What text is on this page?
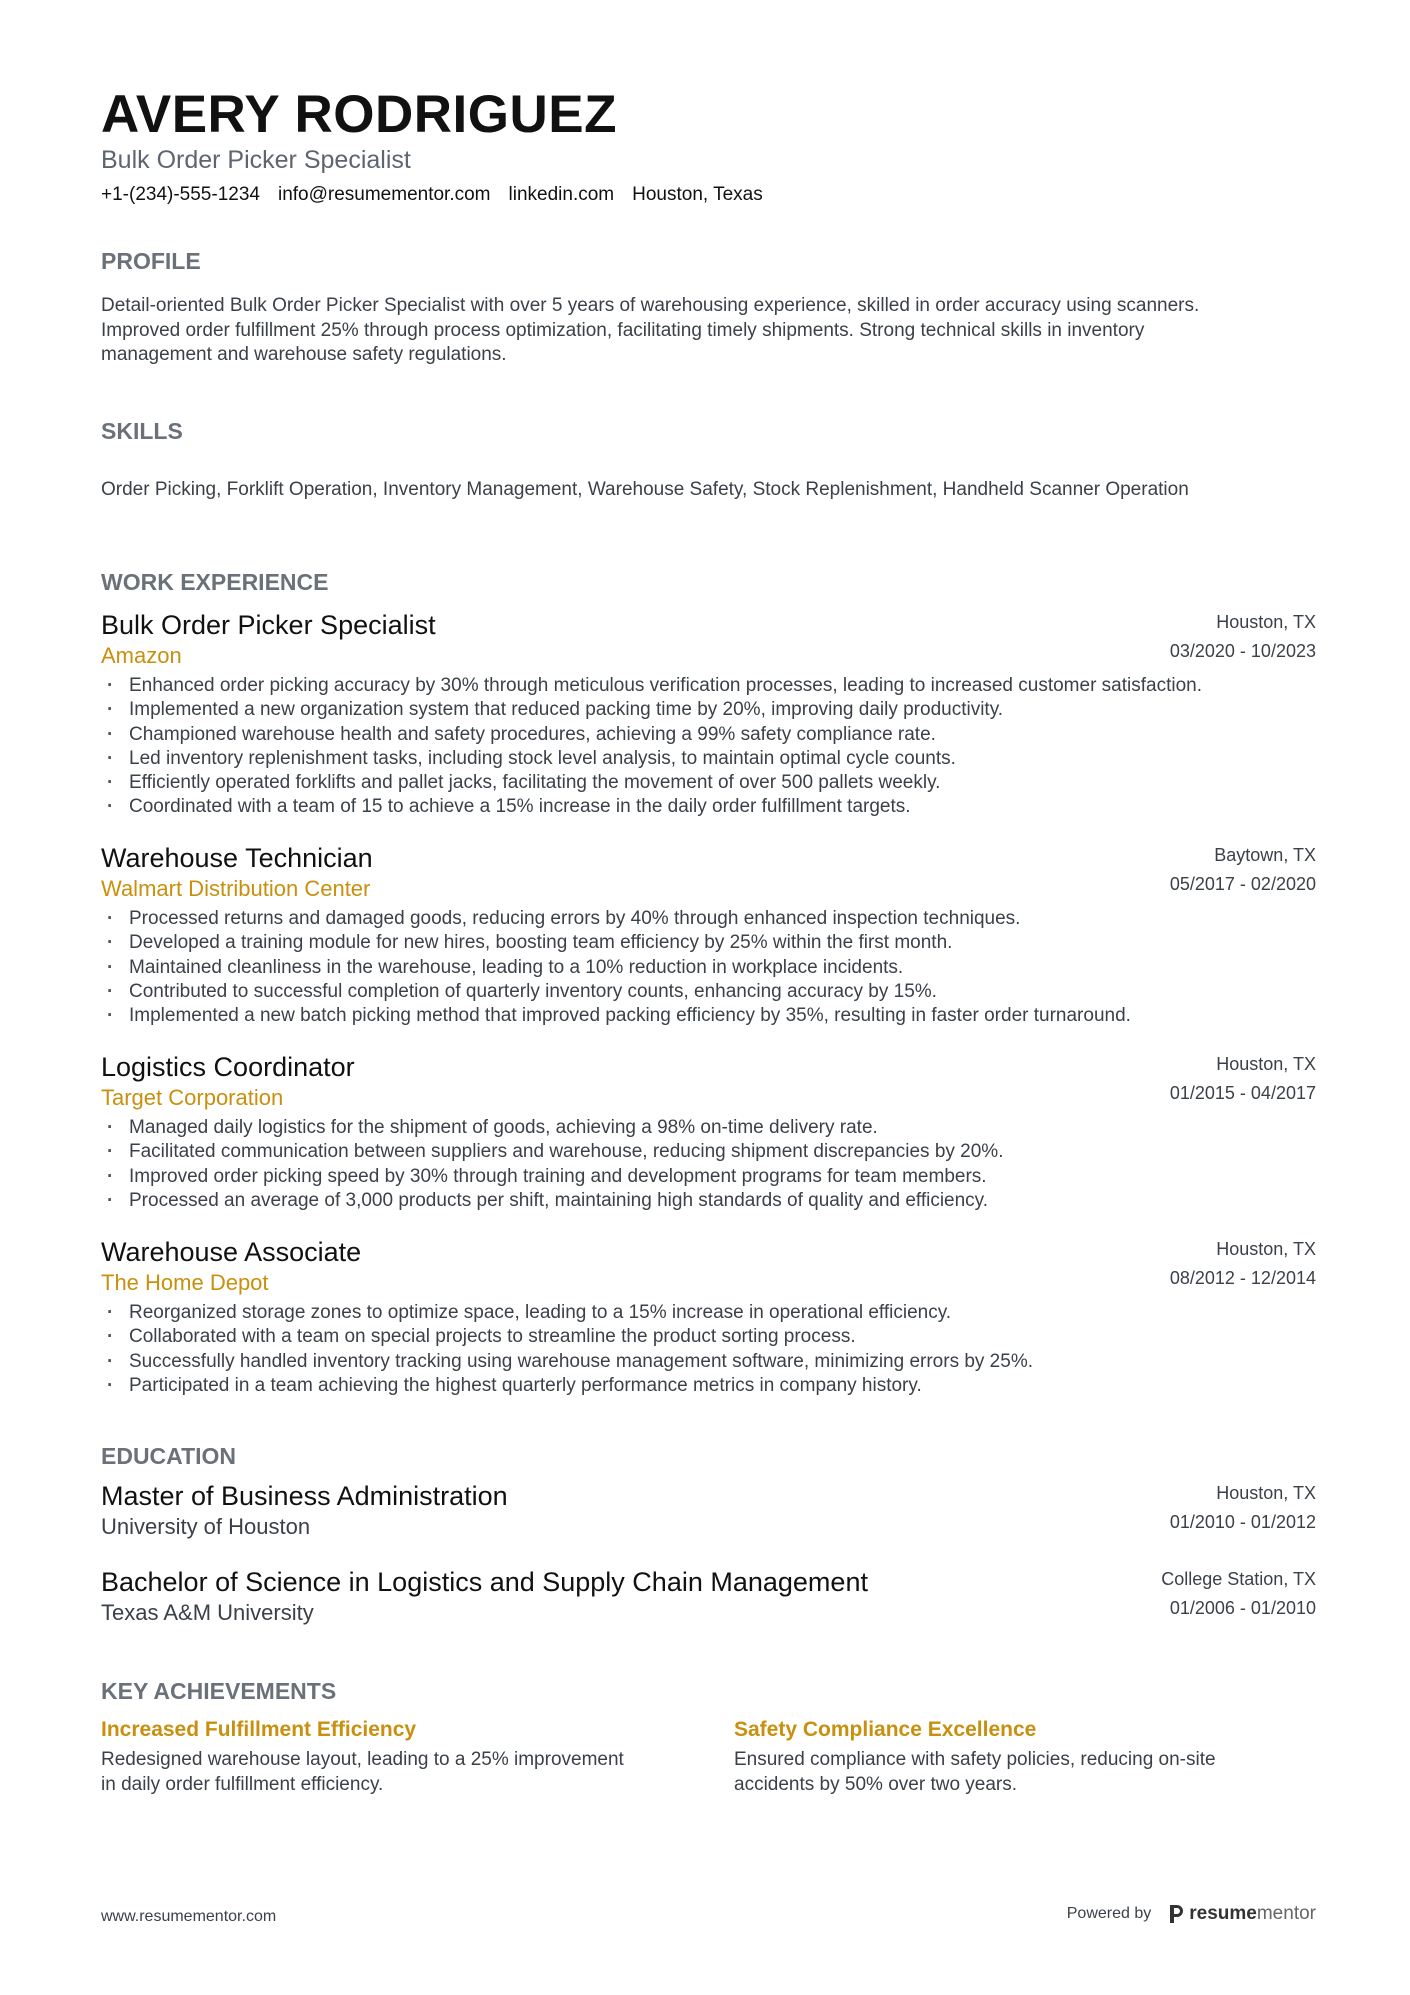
AVERY RODRIGUEZ

Bulk Order Picker Specialist

+1-(234)-555-1234 info@resumementor.com linkedin.com Houston, Texas
PROFILE
Detail-oriented Bulk Order Picker Specialist with over 5 years of warehousing experience, skilled in order accuracy using scanners.
Improved order fulfillment 25% through process optimization, facilitating timely shipments. Strong technical skills in inventory
management and warehouse safety regulations.
SKILLS

Order Picking, Forklift Operation, Inventory Management, Warehouse Safety, Stock Replenishment, Handheld Scanner Operation

WORK EXPERIENCE

Bulk Order Picker Specialist

Amazon

Houston, TX
03/2020 - 10/2023
· Enhanced order picking accuracy by 30% through meticulous verification processes, leading to increased customer satisfaction.
· Implemented a new organization system that reduced packing time by 20%, improving daily productivity.
· Championed warehouse health and safety procedures, achieving a 99% safety compliance rate.
· Led inventory replenishment tasks, including stock level analysis, to maintain optimal cycle counts.
· Efficiently operated forklifts and pallet jacks, facilitating the movement of over 500 pallets weekly.
· Coordinated with a team of 15 to achieve a 15% increase in the daily order fulfillment targets.

Warehouse Technician

Walmart Distribution Center

Baytown, TX
05/2017 - 02/2020
· Processed returns and damaged goods, reducing errors by 40% through enhanced inspection techniques.
· Developed a training module for new hires, boosting team efficiency by 25% within the first month.
· Maintained cleanliness in the warehouse, leading to a 10% reduction in workplace incidents.
· Contributed to successful completion of quarterly inventory counts, enhancing accuracy by 15%.
· Implemented a new batch picking method that improved packing efficiency by 35%, resulting in faster order turnaround.

Logistics Coordinator

Target Corporation

Houston, TX
01/2015 - 04/2017
· Managed daily logistics for the shipment of goods, achieving a 98% on-time delivery rate.
· Facilitated communication between suppliers and warehouse, reducing shipment discrepancies by 20%.
· Improved order picking speed by 30% through training and development programs for team members.
· Processed an average of 3,000 products per shift, maintaining high standards of quality and efficiency.

Warehouse Associate

The Home Depot

Houston, TX
08/2012 - 12/2014
· Reorganized storage zones to optimize space, leading to a 15% increase in operational efficiency.
· Collaborated with a team on special projects to streamline the product sorting process.
· Successfully handled inventory tracking using warehouse management software, minimizing errors by 25%.
· Participated in a team achieving the highest quarterly performance metrics in company history.
EDUCATION

Master of Business Administration

University of Houston

Houston, TX
01/2010 - 01/2012

Bachelor of Science in Logistics and Supply Chain Management

Texas A&M University

College Station, TX
01/2006 - 01/2010
KEY ACHIEVEMENTS

Increased Fulfillment Efficiency

Redesigned warehouse layout, leading to a 25% improvement
in daily order fulfillment efficiency.

Safety Compliance Excellence

Ensured compliance with safety policies, reducing on-site
accidents by 50% over two years.
www.resumementor.com	Powered by resumementor
